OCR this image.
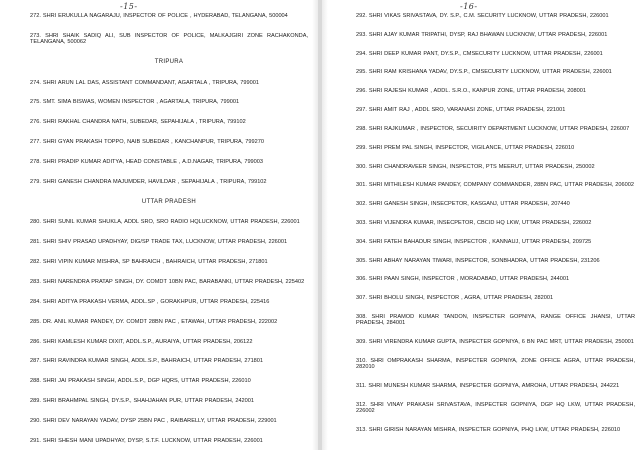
-15-
272. SHRI ERUKULLA NAGARAJU, INSPECTOR OF POLICE , HYDERABAD, TELANGANA, 500004
273. SHRI SHAIK SADIQ ALI, SUB INSPECTOR OF POLICE, MALKAJGIRI ZONE RACHAKONDA, TELANGANA, 500062
TRIPURA
274. SHRI ARUN LAL DAS, ASSISTANT COMMANDANT, AGARTALA , TRIPURA, 799001
275. SMT. SIMA BISWAS, WOMEN INSPECTOR , AGARTALA, TRIPURA, 799001
276. SHRI RAKHAL CHANDRA NATH, SUBEDAR, SEPAHIJALA , TRIPURA, 799102
277. SHRI GYAN PRAKASH TOPPO, NAIB SUBEDAR , KANCHANPUR, TRIPURA, 799270
278. SHRI PRADIP KUMAR ADITYA, HEAD CONSTABLE , A.D.NAGAR, TRIPURA, 799003
279. SHRI GANESH CHANDRA MAJUMDER, HAVILDAR , SEPAHIJALA , TRIPURA, 799102
UTTAR PRADESH
280. SHRI SUNIL KUMAR SHUKLA, ADDL SRO, SRO RADIO HQLUCKNOW, UTTAR PRADESH, 226001
281. SHRI SHIV PRASAD UPADHYAY, DIG/SP TRADE TAX, LUCKNOW, UTTAR PRADESH, 226001
282. SHRI VIPIN KUMAR MISHRA, SP BAHRAICH , BAHRAICH, UTTAR PRADESH, 271801
283. SHRI NARENDRA PRATAP SINGH, DY. COMDT 10BN PAC, BARABANKI, UTTAR PRADESH, 225402
284. SHRI ADITYA PRAKASH VERMA, ADDL.SP , GORAKHPUR, UTTAR PRADESH, 225416
285. DR. ANIL KUMAR PANDEY, DY. COMDT 28BN PAC , ETAWAH, UTTAR PRADESH, 222002
286. SHRI KAMLESH KUMAR DIXIT, ADDL.S.P., AURAIYA, UTTAR PRADESH, 206122
287. SHRI RAVINDRA KUMAR SINGH, ADDL.S.P., BAHRAICH, UTTAR PRADESH, 271801
288. SHRI JAI PRAKASH SINGH, ADDL.S.P., DGP HQRS, UTTAR PRADESH, 226010
289. SHRI BRAHMPAL SINGH, DY.S.P., SHAHJAHAN PUR, UTTAR PRADESH, 242001
290. SHRI DEV NARAYAN YADAV, DYSP 25BN PAC , RAIBARELLY, UTTAR PRADESH, 229001
291. SHRI SHESH MANI UPADHYAY, DYSP, S.T.F. LUCKNOW, UTTAR PRADESH, 226001
-16-
292. SHRI VIKAS SRIVASTAVA, DY. S.P., C.M. SECURITY LUCKNOW, UTTAR PRADESH, 226001
293. SHRI AJAY KUMAR TRIPATHI, DYSP, RAJ BHAWAN LUCKNOW, UTTAR PRADESH, 226001
294. SHRI DEEP KUMAR PANT, DY.S.P., CMSECURITY LUCKNOW, UTTAR PRADESH, 226001
295. SHRI RAM KRISHANA YADAV, DY.S.P., CMSECURITY LUCKNOW, UTTAR PRADESH, 226001
296. SHRI RAJESH KUMAR , ADDL. S.R.O., KANPUR ZONE, UTTAR PRADESH, 208001
297. SHRI AMIT RAJ , ADDL SRO, VARANASI ZONE, UTTAR PRADESH, 221001
298. SHRI RAJKUMAR , INSPECTOR, SECUIRITY DEPARTMENT LUCKNOW, UTTAR PRADESH, 226007
299. SHRI PREM PAL SINGH, INSPECTOR, VIGILANCE, UTTAR PRADESH, 226010
300. SHRI CHANDRAVEER SINGH, INSPECTOR, PTS MEERUT, UTTAR PRADESH, 250002
301. SHRI MITHILESH KUMAR PANDEY, COMPANY COMMANDER, 28BN PAC, UTTAR PRADESH, 206002
302. SHRI GANESH SINGH, INSECPETOR, KASGANJ, UTTAR PRADESH, 207440
303. SHRI VIJENDRA KUMAR, INSECPETOR, CBCID HQ LKW, UTTAR PRADESH, 226002
304. SHRI FATEH BAHADUR SINGH, INSPECTOR , KANNAUJ, UTTAR PRADESH, 209725
305. SHRI ABHAY NARAYAN TIWARI, INSPECTOR, SONBHADRA, UTTAR PRADESH, 231206
306. SHRI PAAN SINGH, INSPECTOR , MORADABAD, UTTAR PRADESH, 244001
307. SHRI BHOLU SINGH, INSPECTOR , AGRA, UTTAR PRADESH, 282001
308. SHRI PRAMOD KUMAR TANDON, INSPECTER GOPNIYA, RANGE OFFICE JHANSI, UTTAR PRADESH, 284001
309. SHRI VIRENDRA KUMAR GUPTA, INSPECTER GOPNIYA, 6 BN PAC MRT, UTTAR PRADESH, 250001
310. SHRI OMPRAKASH SHARMA, INSPECTER GOPNIYA, ZONE OFFICE AGRA, UTTAR PRADESH, 282010
311. SHRI MUNESH KUMAR SHARMA, INSPECTER GOPNIYA, AMROHA, UTTAR PRADESH, 244221
312. SHRI VINAY PRAKASH SRIVASTAVA, INSPECTER GOPNIYA, DGP HQ LKW, UTTAR PRADESH, 226002
313. SHRI GIRISH NARAYAN MISHRA, INSPECTER GOPNIYA, PHQ LKW, UTTAR PRADESH, 226010
